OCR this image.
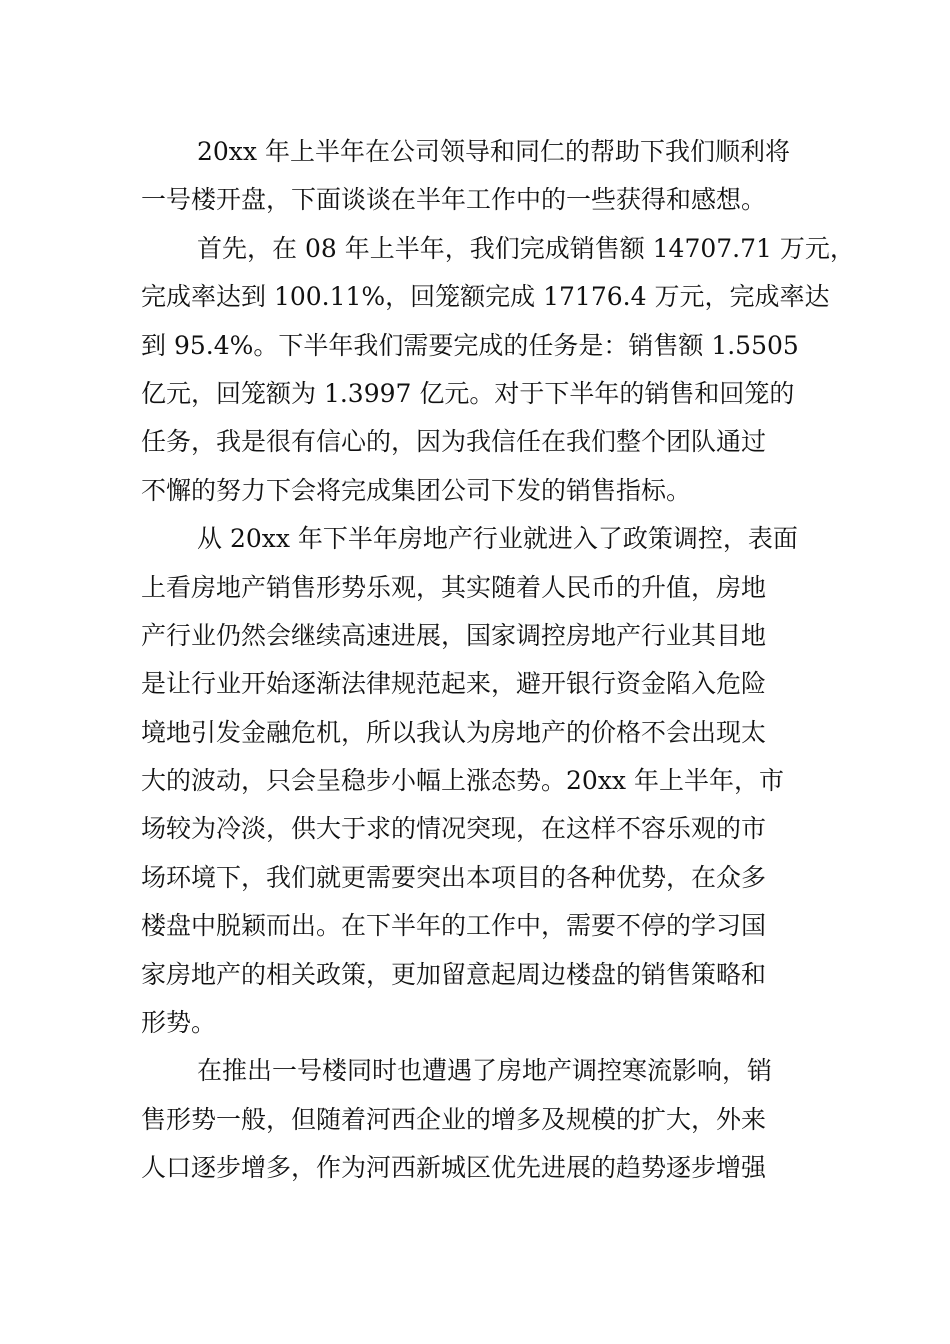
20xx 年上半年在公司领导和同仁的帮助下我们顺利将
一号楼开盘，下面谈谈在半年工作中的一些获得和感想。
首先，在 08 年上半年，我们完成销售额 14707.71 万元，
完成率达到 100.11%，回笼额完成 17176.4 万元，完成率达
到 95.4%。下半年我们需要完成的任务是：销售额 1.5505
亿元，回笼额为 1.3997 亿元。对于下半年的销售和回笼的
任务，我是很有信心的，因为我信任在我们整个团队通过
不懈的努力下会将完成集团公司下发的销售指标。
从 20xx 年下半年房地产行业就进入了政策调控，表面
上看房地产销售形势乐观，其实随着人民币的升值，房地
产行业仍然会继续高速进展，国家调控房地产行业其目地
是让行业开始逐渐法律规范起来，避开银行资金陷入危险
境地引发金融危机，所以我认为房地产的价格不会出现太
大的波动，只会呈稳步小幅上涨态势。20xx 年上半年，市
场较为冷淡，供大于求的情况突现，在这样不容乐观的市
场环境下，我们就更需要突出本项目的各种优势，在众多
楼盘中脱颖而出。在下半年的工作中，需要不停的学习国
家房地产的相关政策，更加留意起周边楼盘的销售策略和
形势。
在推出一号楼同时也遭遇了房地产调控寒流影响，销
售形势一般，但随着河西企业的增多及规模的扩大，外来
人口逐步增多，作为河西新城区优先进展的趋势逐步增强
